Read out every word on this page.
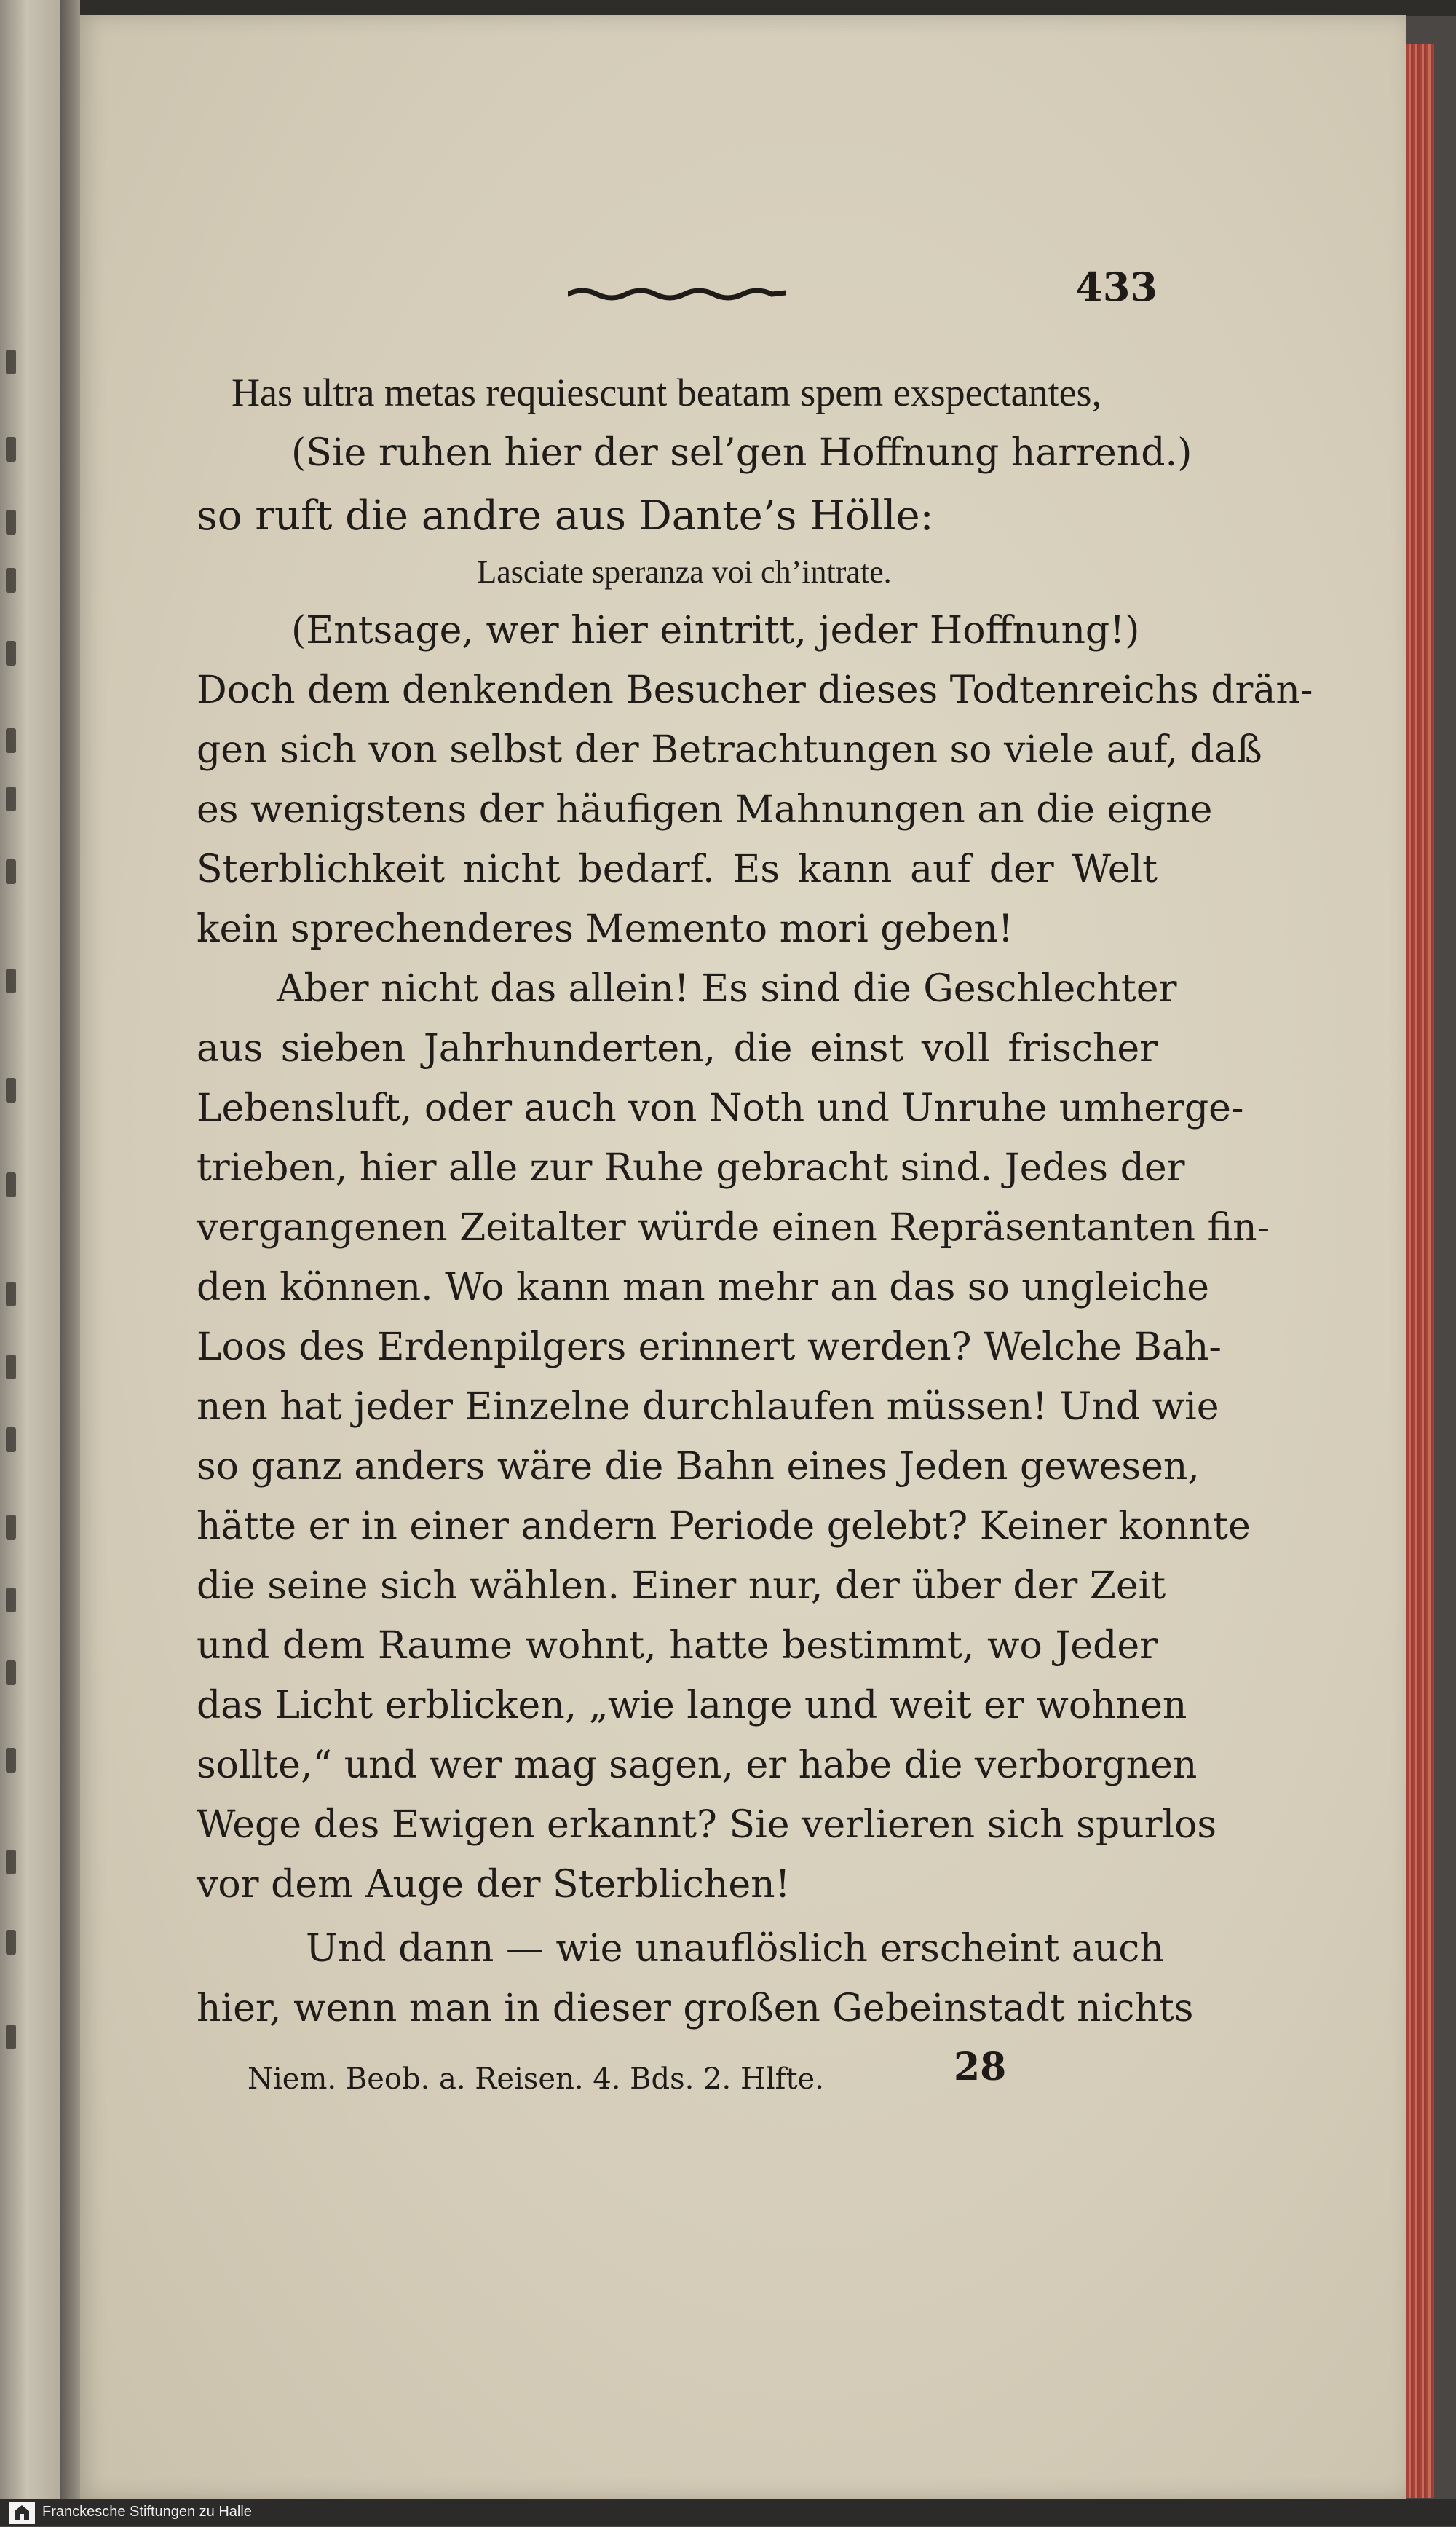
433
Has ultra metas requiescunt beatam spem exspectantes,
(Sie ruhen hier der sel’gen Hoffnung harrend.)
so ruft die andre aus Dante’s Hölle:
Lasciate speranza voi ch’intrate.
(Entsage, wer hier eintritt, jeder Hoffnung!)
Doch dem denkenden Besucher dieses Todtenreichs drän-
gen sich von selbst der Betrachtungen so viele auf, daß
es wenigstens der häufigen Mahnungen an die eigne
Sterblichkeit nicht bedarf. Es kann auf der Welt
kein sprechenderes Memento mori geben!
Aber nicht das allein! Es sind die Geschlechter
aus sieben Jahrhunderten, die einst voll frischer
Lebensluft, oder auch von Noth und Unruhe umherge-
trieben, hier alle zur Ruhe gebracht sind. Jedes der
vergangenen Zeitalter würde einen Repräsentanten fin-
den können. Wo kann man mehr an das so ungleiche
Loos des Erdenpilgers erinnert werden? Welche Bah-
nen hat jeder Einzelne durchlaufen müssen! Und wie
so ganz anders wäre die Bahn eines Jeden gewesen,
hätte er in einer andern Periode gelebt? Keiner konnte
die seine sich wählen. Einer nur, der über der Zeit
und dem Raume wohnt, hatte bestimmt, wo Jeder
das Licht erblicken, „wie lange und weit er wohnen
sollte,“ und wer mag sagen, er habe die verborgnen
Wege des Ewigen erkannt? Sie verlieren sich spurlos
vor dem Auge der Sterblichen!
Und dann — wie unauflöslich erscheint auch
hier, wenn man in dieser großen Gebeinstadt nichts
Niem. Beob. a. Reisen. 4. Bds. 2. Hlfte.	28
Franckesche Stiftungen zu Halle
